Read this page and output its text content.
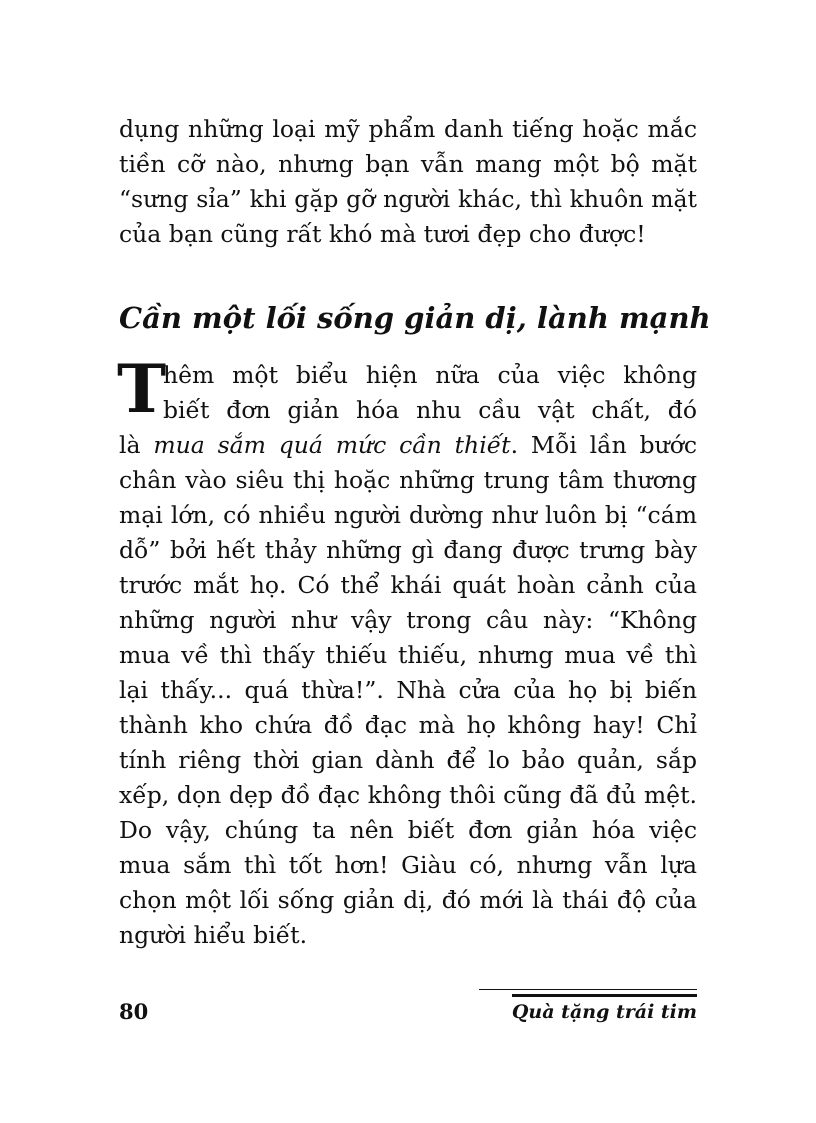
dụng những loại mỹ phẩm danh tiếng hoặc mắc
tiền cỡ nào, nhưng bạn vẫn mang một bộ mặt
“sưng sỉa” khi gặp gỡ người khác, thì khuôn mặt
của bạn cũng rất khó mà tươi đẹp cho được!
Cần một lối sống giản dị, lành mạnh
T
hêm một biểu hiện nữa của việc không
biết đơn giản hóa nhu cầu vật chất, đó
là mua sắm quá mức cần thiết. Mỗi lần bước
chân vào siêu thị hoặc những trung tâm thương
mại lớn, có nhiều người dường như luôn bị “cám
dỗ” bởi hết thảy những gì đang được trưng bày
trước mắt họ. Có thể khái quát hoàn cảnh của
những người như vậy trong câu này: “Không
mua về thì thấy thiếu thiếu, nhưng mua về thì
lại thấy... quá thừa!”. Nhà cửa của họ bị biến
thành kho chứa đồ đạc mà họ không hay! Chỉ
tính riêng thời gian dành để lo bảo quản, sắp
xếp, dọn dẹp đồ đạc không thôi cũng đã đủ mệt.
Do vậy, chúng ta nên biết đơn giản hóa việc
mua sắm thì tốt hơn! Giàu có, nhưng vẫn lựa
chọn một lối sống giản dị, đó mới là thái độ của
người hiểu biết.
80	Quà tặng trái tim
